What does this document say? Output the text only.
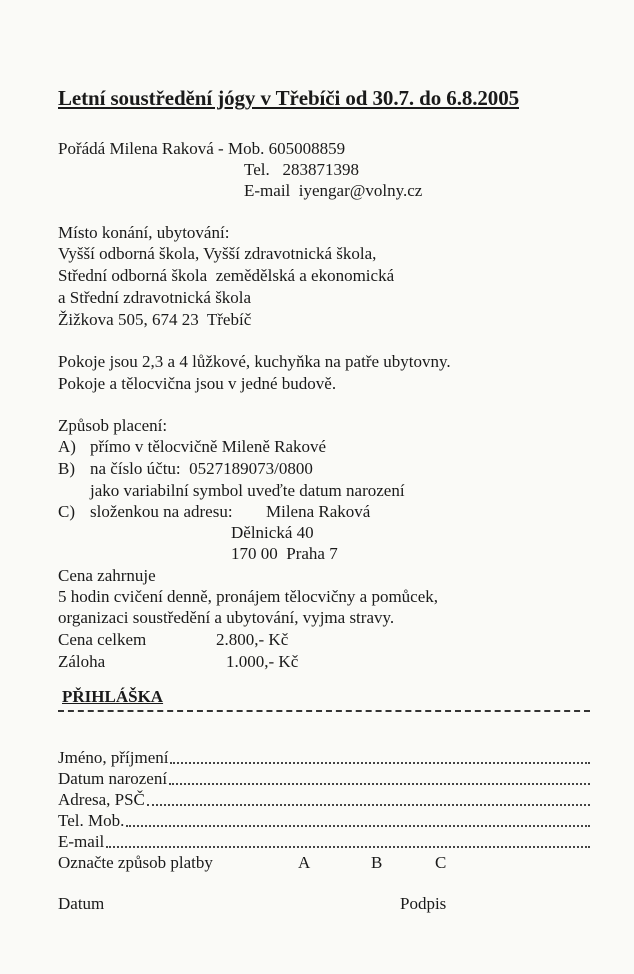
Letní soustředění jógy v Třebíči od 30.7. do 6.8.2005
Pořádá Milena Raková - Mob. 605008859
Tel.   283871398
E-mail  iyengar@volny.cz
Místo konání, ubytování:
Vyšší odborná škola, Vyšší zdravotnická škola,
Střední odborná škola  zemědělská a ekonomická
a Střední zdravotnická škola
Žižkova 505, 674 23  Třebíč
Pokoje jsou 2,3 a 4 lůžkové, kuchyňka na patře ubytovny.
Pokoje a tělocvična jsou v jedné budově.
Způsob placení:
A) přímo v tělocvičně Mileně Rakové
B) na číslo účtu:  0527189073/0800
jako variabilní symbol uveďte datum narození
C) složenkou na adresu: Milena Raková
Dělnická 40
170 00  Praha 7
Cena zahrnuje
5 hodin cvičení denně, pronájem tělocvičny a pomůcek,
organizaci soustředění a ubytování, vyjma stravy.
Cena celkem	2.800,- Kč
Záloha	1.000,- Kč
PŘIHLÁŠKA
Jméno, příjmení
Datum narození
Adresa, PSČ
Tel. Mob.
E-mail
Označte způsob platby	A	B	C
Datum	Podpis
